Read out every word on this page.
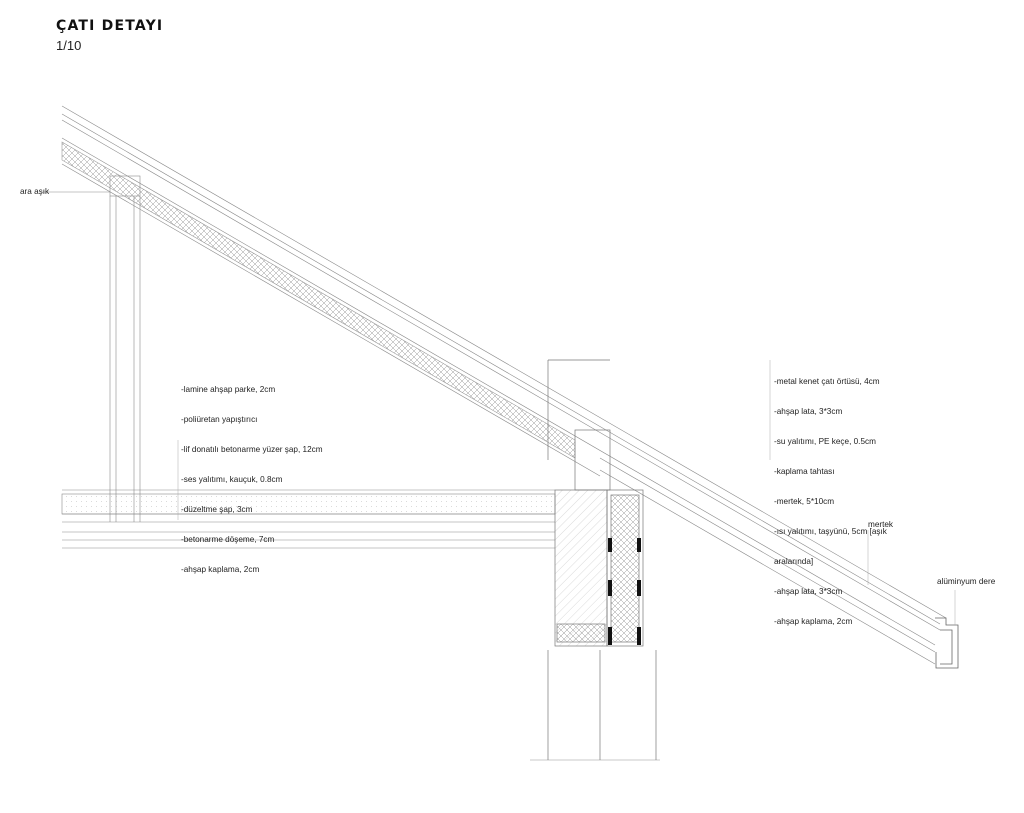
ÇATI DETAYI
1/10
ara aşık
mertek
alüminyum dere

-lamine ahşap parke, 2cm

-poliüretan yapıştırıcı

-lif donatılı betonarme yüzer şap, 12cm

-ses yalıtımı, kauçuk, 0.8cm

-düzeltme şap, 3cm

-betonarme döşeme, 7cm

-ahşap kaplama, 2cm

-metal kenet çatı örtüsü, 4cm

-ahşap lata, 3*3cm

-su yalıtımı, PE keçe, 0.5cm

-kaplama tahtası

-mertek, 5*10cm

-ısı yalıtımı, taşyünü, 5cm [aşık

aralarında]

-ahşap lata, 3*3cm

-ahşap kaplama, 2cm
